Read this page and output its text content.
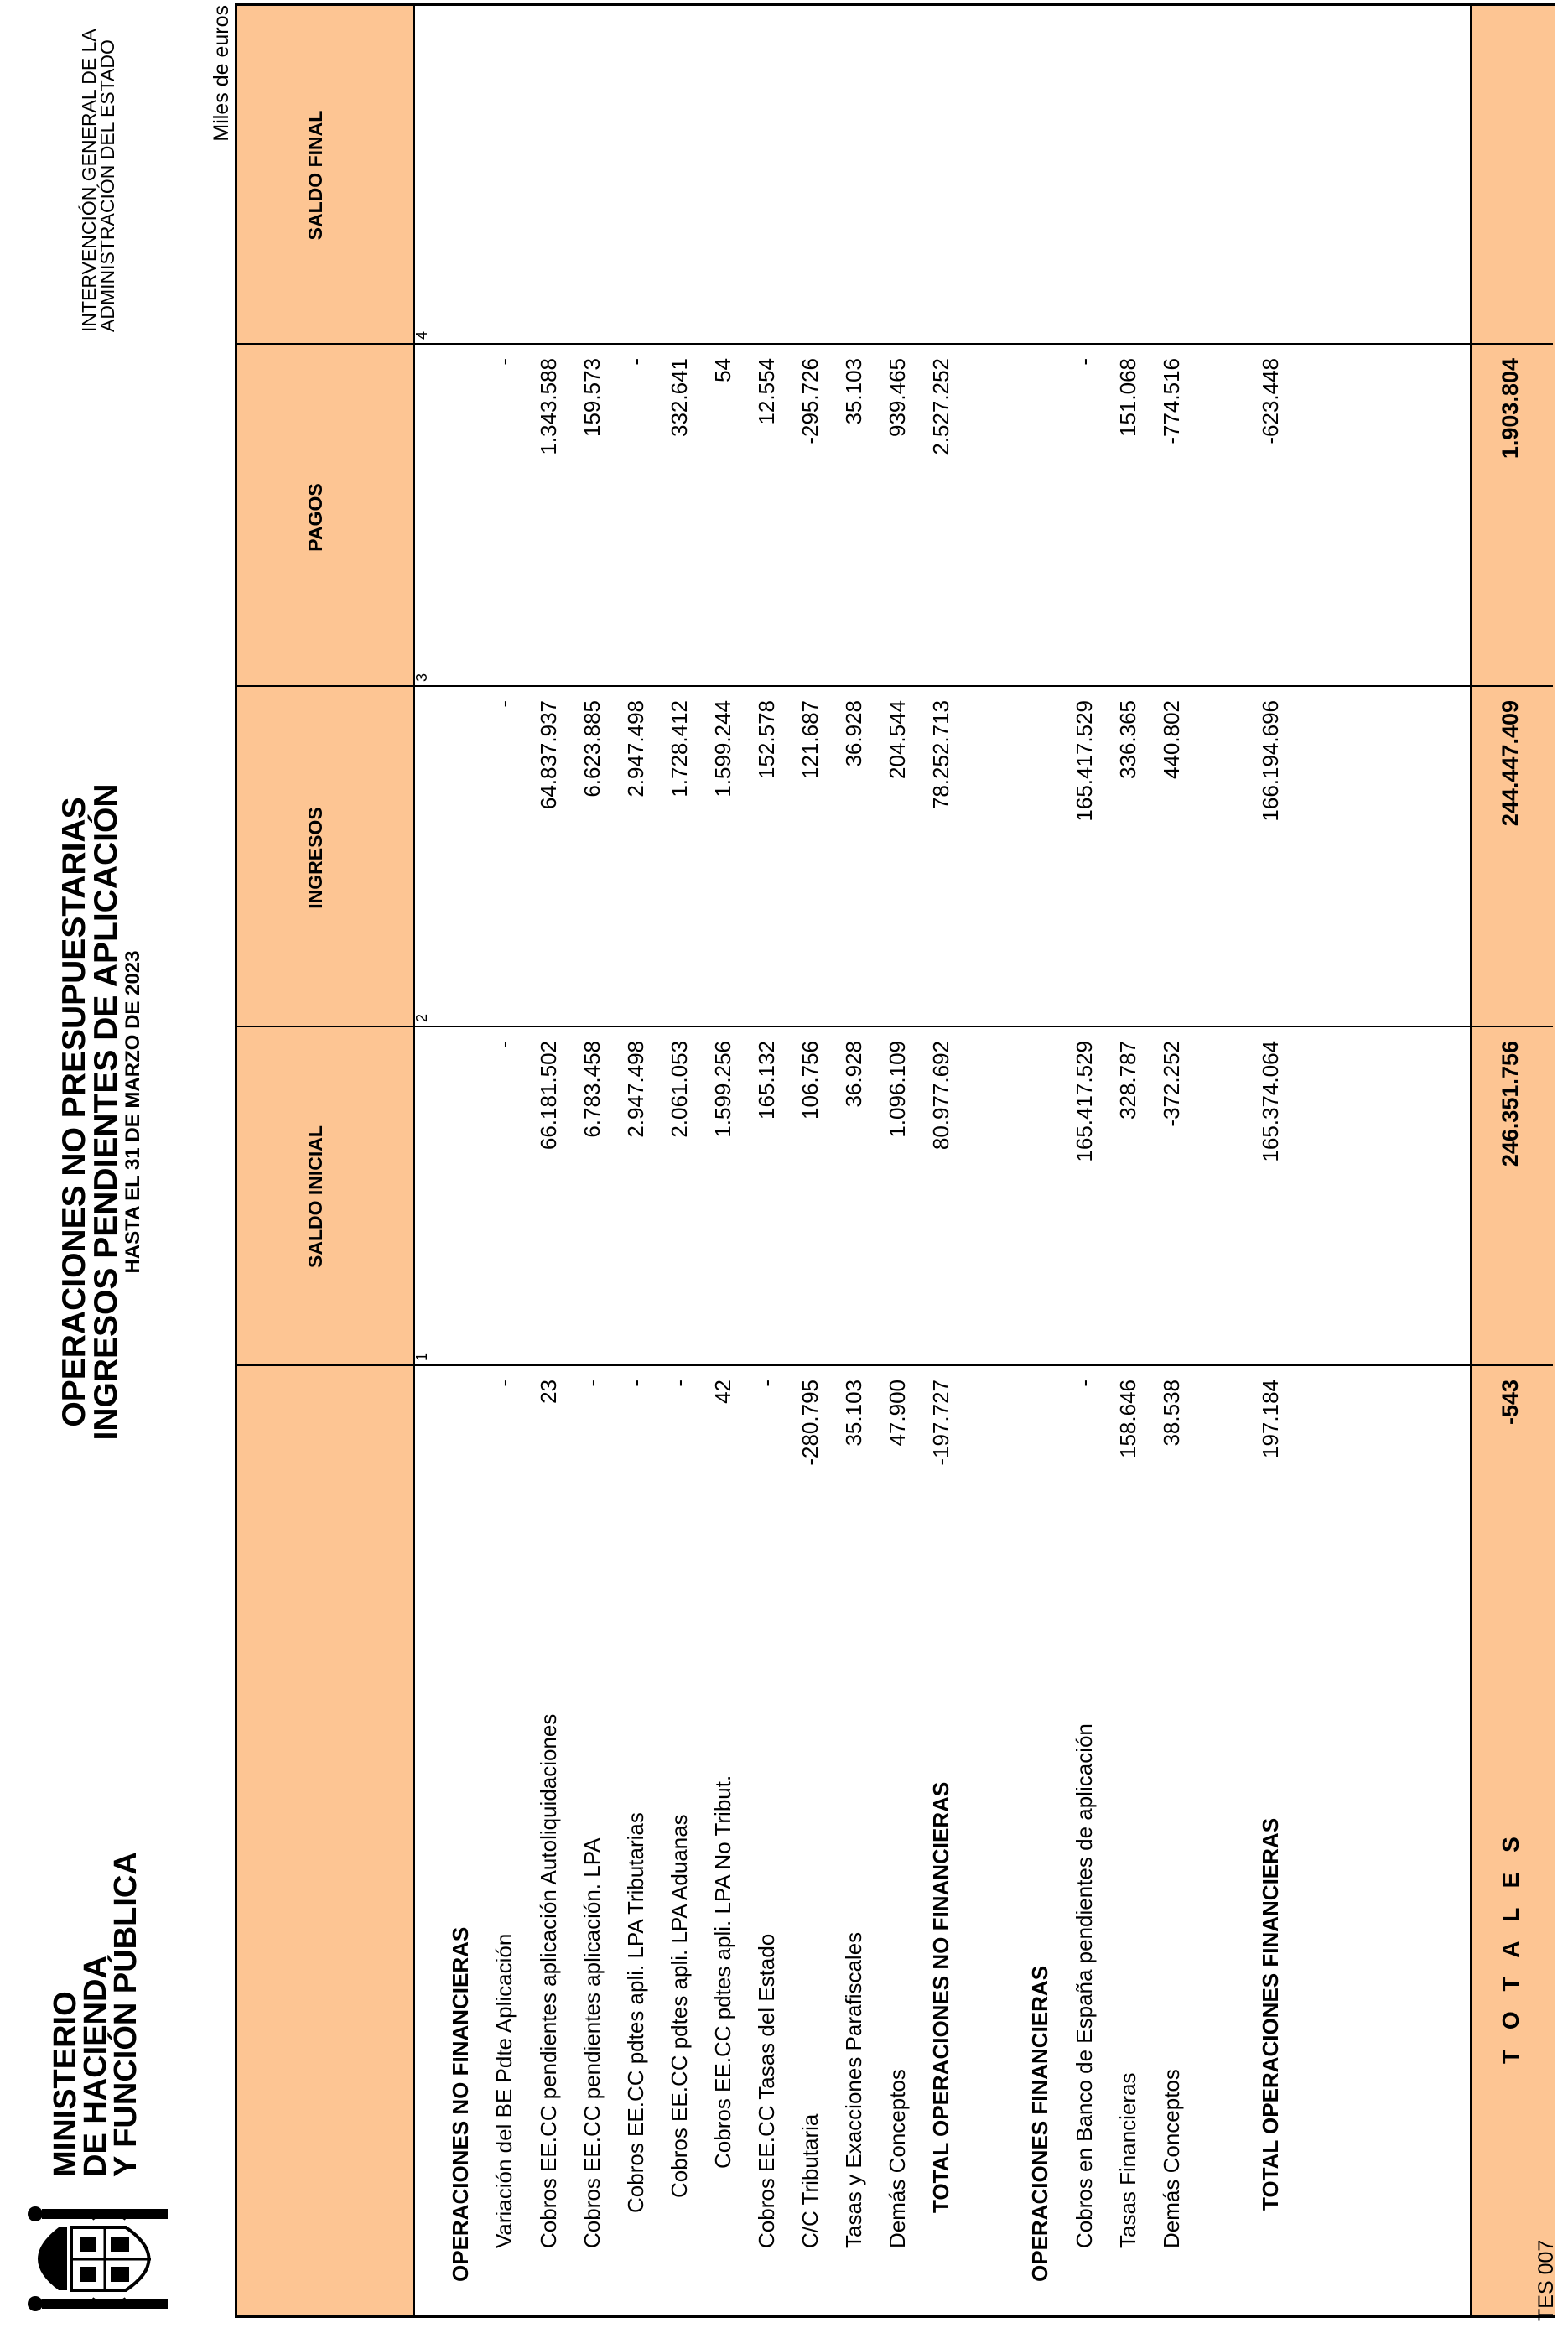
MINISTERIO
DE HACIENDA
Y FUNCIÓN PÚBLICA
OPERACIONES NO PRESUPUESTARIAS
INGRESOS PENDIENTES DE APLICACIÓN
HASTA EL 31 DE MARZO DE 2023
INTERVENCIÓN GENERAL DE LA
ADMINISTRACIÓN DEL ESTADO	Miles de euros
SALDO INICIAL
INGRESOS
PAGOS
SALDO FINAL
1
2
3
4
OPERACIONES NO FINANCIERAS Variación del BE Pdte Aplicación
-
-
-
-
Cobros EE.CC pendientes aplicación Autoliquidaciones
23
66.181.502
64.837.937
1.343.588
Cobros EE.CC pendientes aplicación. LPA
-
6.783.458
6.623.885
159.573
Cobros EE.CC pdtes apli. LPA Tributarias
-
2.947.498
2.947.498
-
Cobros EE.CC pdtes apli. LPA Aduanas
-
2.061.053
1.728.412
332.641
Cobros EE.CC pdtes apli. LPA No Tribut.
42
1.599.256
1.599.244
54
Cobros EE.CC Tasas del Estado
-
165.132
152.578
12.554
C/C Tributaria
-280.795
106.756
121.687
-295.726
Tasas y Exacciones Parafiscales
35.103
36.928
36.928
35.103
Demás Conceptos
47.900
1.096.109
204.544
939.465
TOTAL OPERACIONES NO FINANCIERAS
-197.727
80.977.692
78.252.713
2.527.252
OPERACIONES FINANCIERAS Cobros en Banco de España pendientes de aplicación
-
165.417.529
165.417.529
-
Tasas Financieras
158.646
328.787
336.365
151.068
Demás Conceptos
38.538
-372.252
440.802
-774.516
TOTAL OPERACIONES FINANCIERAS
197.184
165.374.064
166.194.696
-623.448
T O T A L E S
-543
246.351.756
244.447.409
1.903.804
TES 007
